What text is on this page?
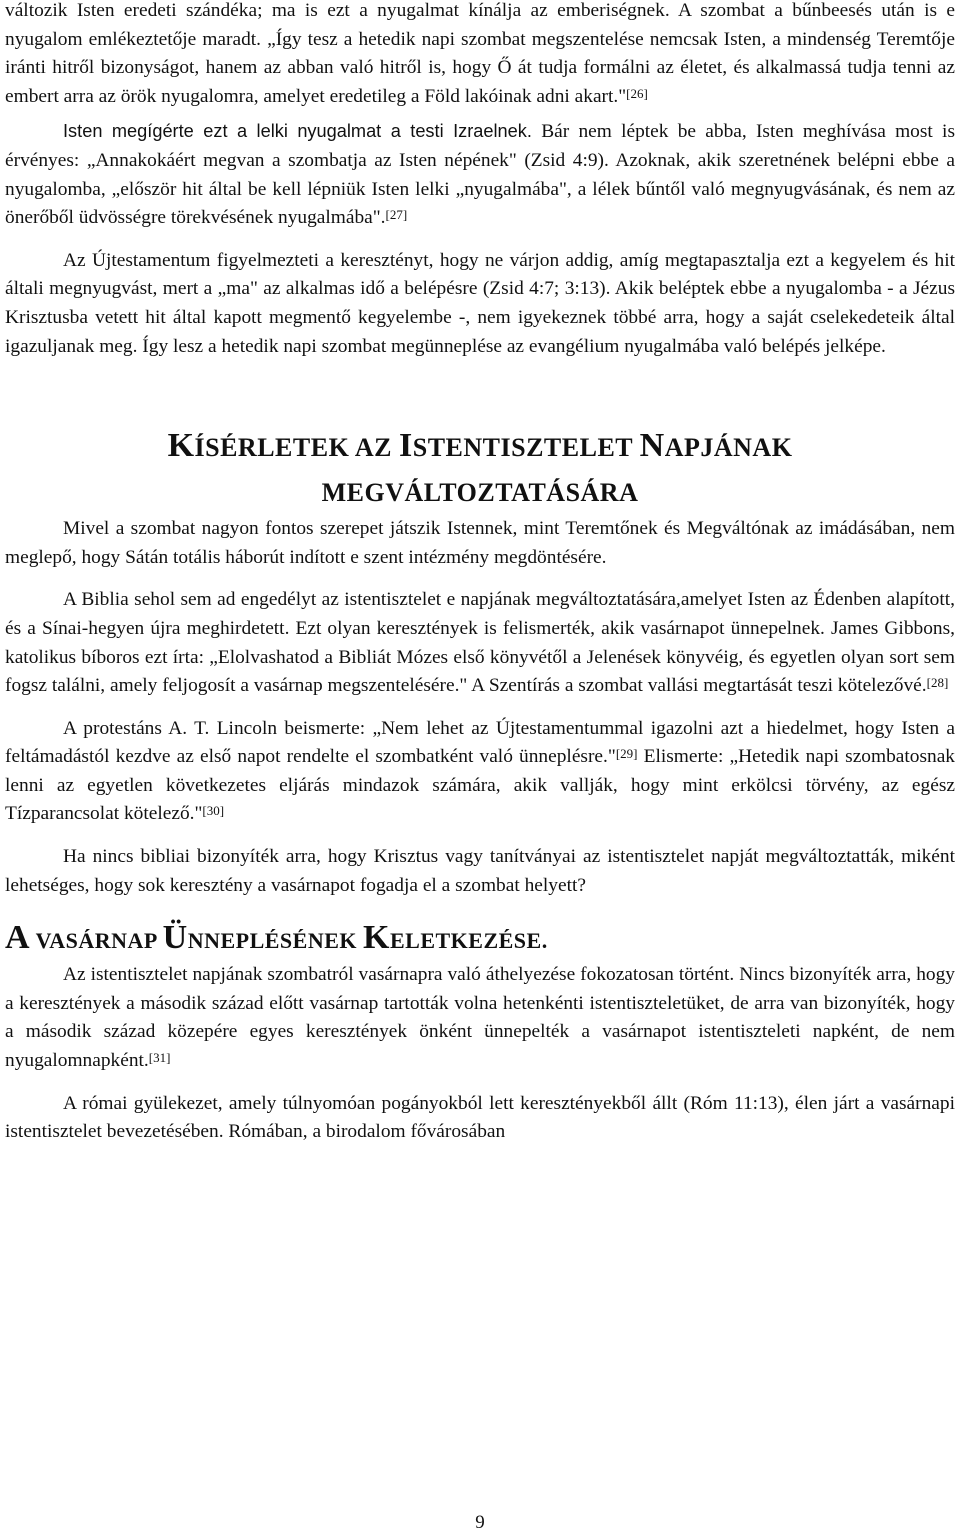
változik Isten eredeti szándéka; ma is ezt a nyugalmat kínálja az emberiségnek. A szombat a bűnbeesés után is e nyugalom emlékeztetője maradt. „Így tesz a hetedik napi szombat megszentelése nemcsak Isten, a mindenség Teremtője iránti hitről bizonyságot, hanem az abban való hitről is, hogy Ő át tudja formálni az életet, és alkalmassá tudja tenni az embert arra az örök nyugalomra, amelyet eredetileg a Föld lakóinak adni akart."[26]

Isten megígérte ezt a lelki nyugalmat a testi Izraelnek. Bár nem léptek be abba, Isten meghívása most is érvényes: „Annakokáért megvan a szombatja az Isten népének" (Zsid 4:9). Azoknak, akik szeretnének belépni ebbe a nyugalomba, „először hit által be kell lépniük Isten lelki „nyugalmába", a lélek bűntől való megnyugvásának, és nem az önerőből üdvösségre törekvésének nyugalmába".[27]

Az Újtestamentum figyelmezteti a keresztényt, hogy ne várjon addig, amíg megtapasztalja ezt a kegyelem és hit általi megnyugvást, mert a „ma" az alkalmas idő a belépésre (Zsid 4:7; 3:13). Akik beléptek ebbe a nyugalomba - a Jézus Krisztusba vetett hit által kapott megmentő kegyelembe -, nem igyekeznek többé arra, hogy a saját cselekedeteik által igazuljanak meg. Így lesz a hetedik napi szombat megünneplése az evangélium nyugalmába való belépés jelképe.

KÍSÉRLETEK AZ ISTENTISZTELET NAPJÁNAK
MEGVÁLTOZTATÁSÁRA

Mivel a szombat nagyon fontos szerepet játszik Istennek, mint Teremtőnek és Megváltónak az imádásában, nem meglepő, hogy Sátán totális háborút indított e szent intézmény megdöntésére.

A Biblia sehol sem ad engedélyt az istentisztelet e napjának megváltoztatására,amelyet Isten az Édenben alapított, és a Sínai-hegyen újra meghirdetett. Ezt olyan keresztények is felismerték, akik vasárnapot ünnepelnek. James Gibbons, katolikus bíboros ezt írta: „Elolvashatod a Bibliát Mózes első könyvétől a Jelenések könyvéig, és egyetlen olyan sort sem fogsz találni, amely feljogosít a vasárnap megszentelésére." A Szentírás a szombat vallási megtartását teszi kötelezővé.[28]

A protestáns A. T. Lincoln beismerte: „Nem lehet az Újtestamentummal igazolni azt a hiedelmet, hogy Isten a feltámadástól kezdve az első napot rendelte el szombatként való ünneplésre."[29] Elismerte: „Hetedik napi szombatosnak lenni az egyetlen következetes eljárás mindazok számára, akik vallják, hogy mint erkölcsi törvény, az egész Tízparancsolat kötelező."[30]

Ha nincs bibliai bizonyíték arra, hogy Krisztus vagy tanítványai az istentisztelet napját megváltoztatták, miként lehetséges, hogy sok keresztény a vasárnapot fogadja el a szombat helyett?

A VASÁRNAP ÜNNEPLÉSÉNEK KELETKEZÉSE.

Az istentisztelet napjának szombatról vasárnapra való áthelyezése fokozatosan történt. Nincs bizonyíték arra, hogy a keresztények a második század előtt vasárnap tartották volna hetenkénti istentiszteletüket, de arra van bizonyíték, hogy a második század közepére egyes keresztények önként ünnepelték a vasárnapot istentiszteleti napként, de nem nyugalomnapként.[31]

A római gyülekezet, amely túlnyomóan pogányokból lett keresztényekből állt (Róm 11:13), élen járt a vasárnapi istentisztelet bevezetésében. Rómában, a birodalom fővárosában

9
